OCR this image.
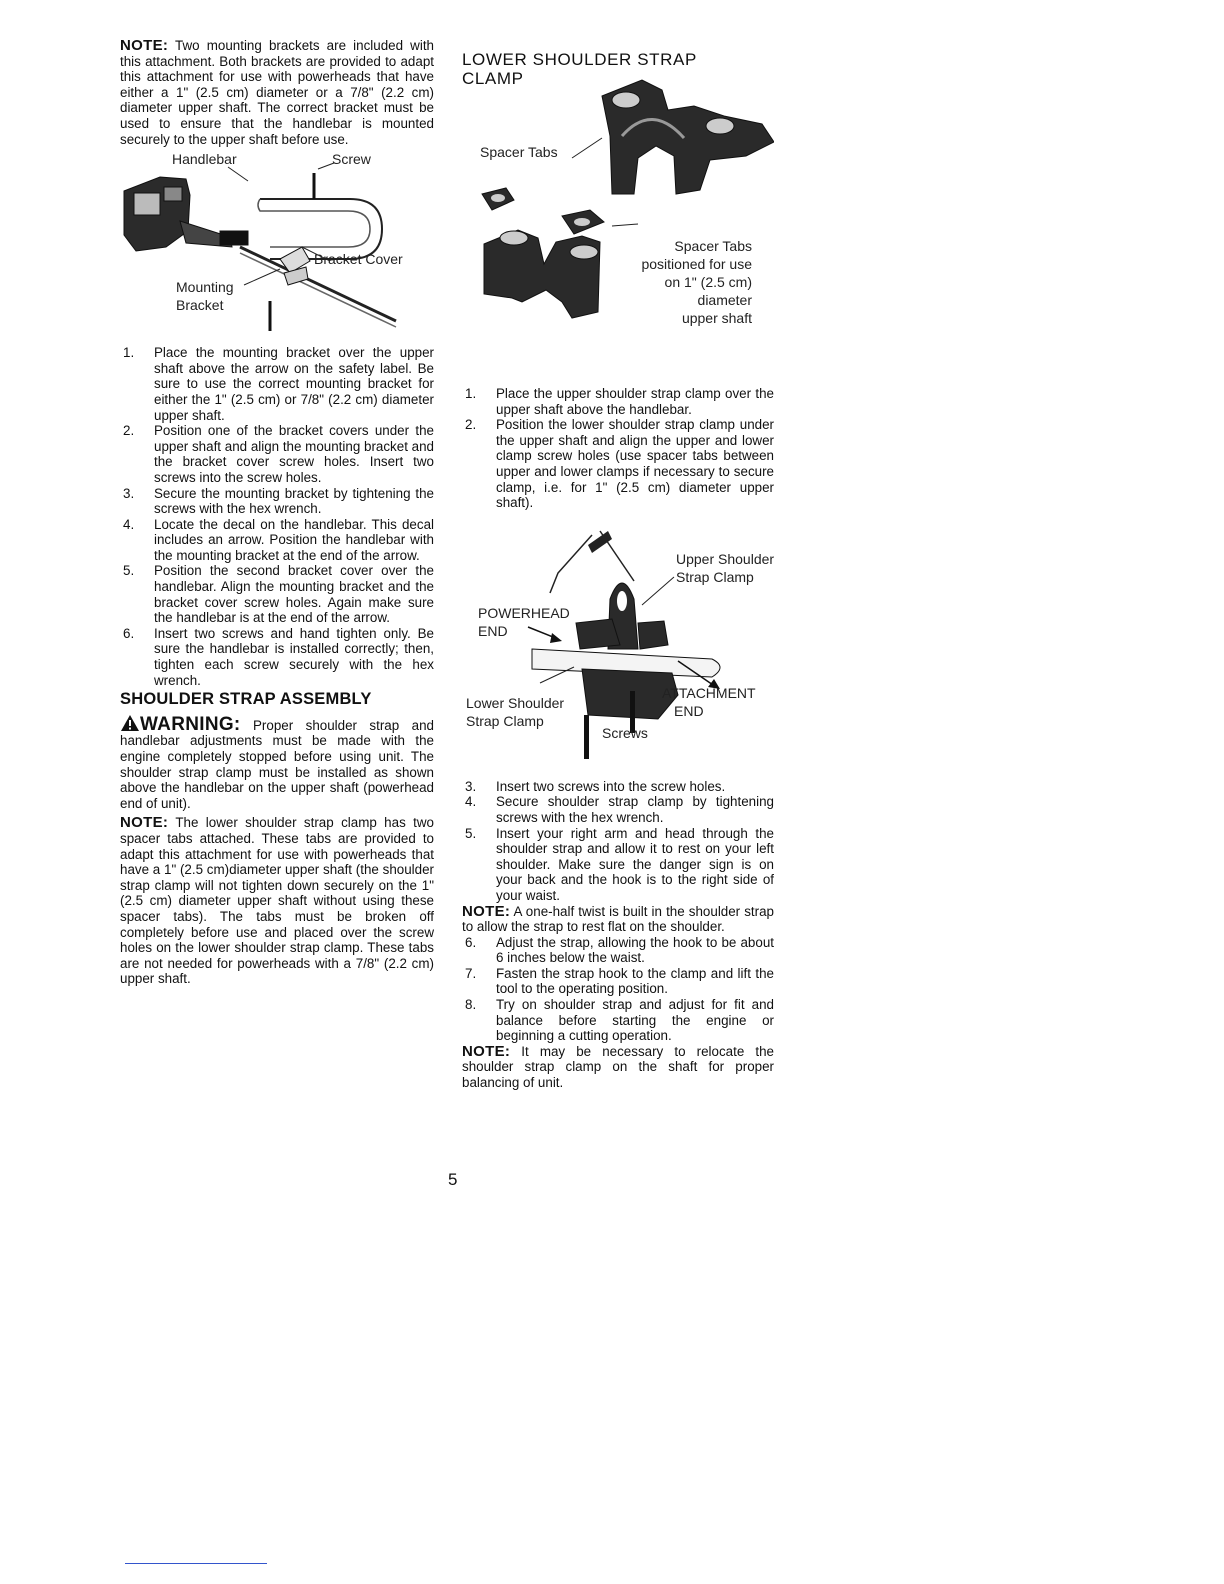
NOTE: Two mounting brackets are included with this attachment. Both brackets are provided to adapt this attachment for use with powerheads that have either a 1" (2.5 cm) diameter or a 7/8" (2.2 cm) diameter upper shaft. The correct bracket must be used to ensure that the handlebar is mounted securely to the upper shaft before use.

Handlebar	Screw
Bracket Cover
Mounting
Bracket
1. Place the mounting bracket over the upper shaft above the arrow on the safety label. Be sure to use the correct mounting bracket for either the 1" (2.5 cm) or 7/8" (2.2 cm) diameter upper shaft.
2. Position one of the bracket covers under the upper shaft and align the mounting bracket and the bracket cover screw holes. Insert two screws into the screw holes.
3. Secure the mounting bracket by tightening the screws with the hex wrench.
4. Locate the decal on the handlebar. This decal includes an arrow. Position the handlebar with the mounting bracket at the end of the arrow.
5. Position the second bracket cover over the handlebar. Align the mounting bracket and the bracket cover screw holes. Again make sure the handlebar is at the end of the arrow.
6. Insert two screws and hand tighten only. Be sure the handlebar is installed correctly; then, tighten each screw securely with the hex wrench.
SHOULDER STRAP ASSEMBLY

WARNING: Proper shoulder strap and handlebar adjustments must be made with the engine completely stopped before using unit. The shoulder strap clamp must be installed as shown above the handlebar on the upper shaft (powerhead end of unit).

NOTE: The lower shoulder strap clamp has two spacer tabs attached. These tabs are provided to adapt this attachment for use with powerheads that have a 1" (2.5 cm)diameter upper shaft (the shoulder strap clamp will not tighten down securely on the 1" (2.5 cm) diameter upper shaft without using these spacer tabs). The tabs must be broken off completely before use and placed over the screw holes on the lower shoulder strap clamp. These tabs are not needed for powerheads with a 7/8" (2.2 cm) upper shaft.

LOWER SHOULDER STRAP
CLAMP
Spacer Tabs
Spacer Tabs
positioned for use
on 1" (2.5 cm)
diameter
upper shaft
1. Place the upper shoulder strap clamp over the upper shaft above the handlebar.
2. Position the lower shoulder strap clamp under the upper shaft and align the upper and lower clamp screw holes (use spacer tabs between upper and lower clamps if necessary to secure clamp, i.e. for 1" (2.5 cm) diameter upper shaft).
Upper Shoulder
Strap Clamp
POWERHEAD
END
ATTACHMENT
END
Lower Shoulder
Strap Clamp
Screws
3. Insert two screws into the screw holes.
4. Secure shoulder strap clamp by tightening screws with the hex wrench.
5. Insert your right arm and head through the shoulder strap and allow it to rest on your left shoulder. Make sure the danger sign is on your back and the hook is to the right side of your waist.

NOTE: A one-half twist is built in the shoulder strap to allow the strap to rest flat on the shoulder.

6. Adjust the strap, allowing the hook to be about 6 inches below the waist.
7. Fasten the strap hook to the clamp and lift the tool to the operating position.
8. Try on shoulder strap and adjust for fit and balance before starting the engine or beginning a cutting operation.

NOTE: It may be necessary to relocate the shoulder strap clamp on the shaft for proper balancing of unit.

5
